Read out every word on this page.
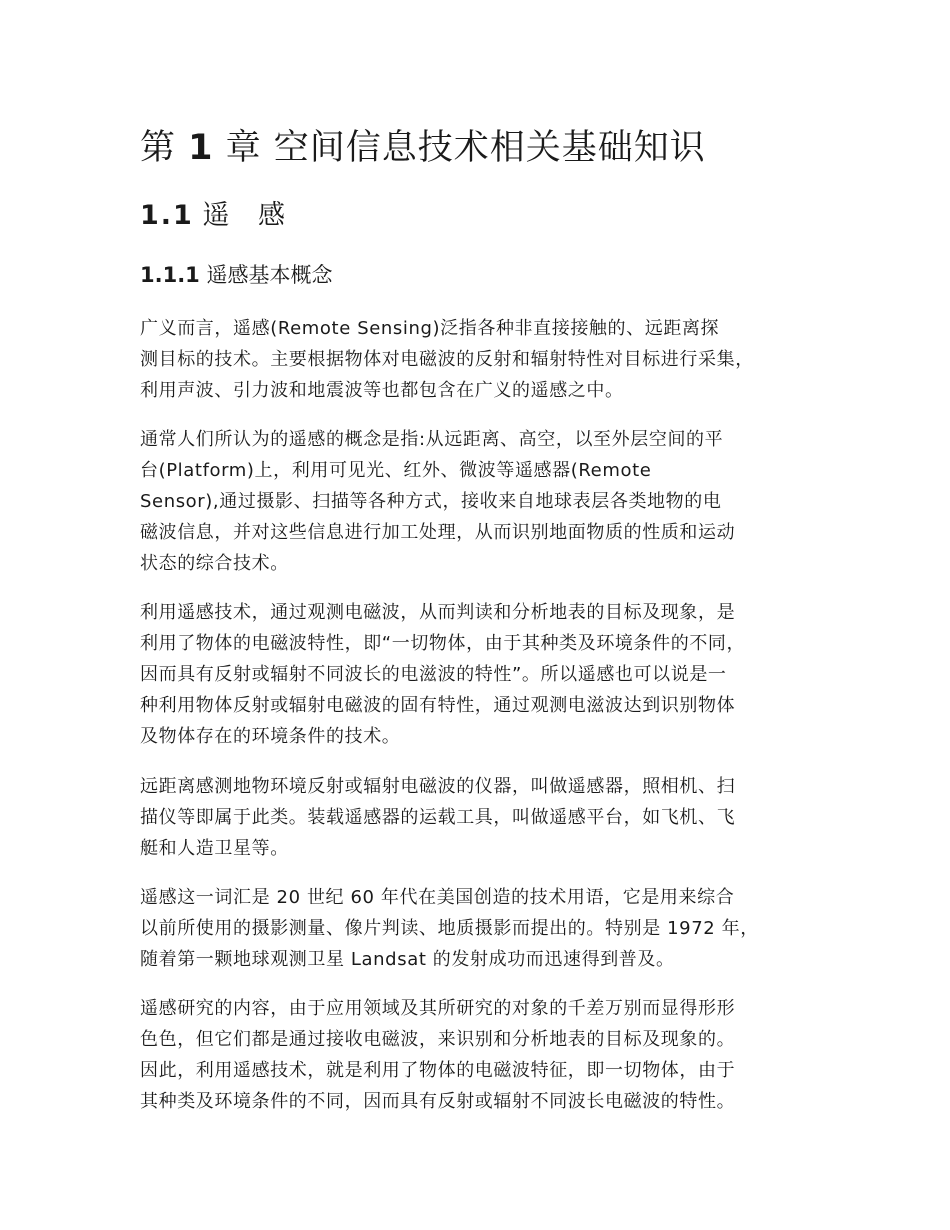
第 1 章 空间信息技术相关基础知识
1.1 遥 感
1.1.1 遥感基本概念

广义而言，遥感(Remote Sensing)泛指各种非直接接触的、远距离探
测目标的技术。主要根据物体对电磁波的反射和辐射特性对目标进行采集，
利用声波、引力波和地震波等也都包含在广义的遥感之中。

通常人们所认为的遥感的概念是指:从远距离、高空，以至外层空间的平
台(Platform)上，利用可见光、红外、微波等遥感器(Remote
Sensor),通过摄影、扫描等各种方式，接收来自地球表层各类地物的电
磁波信息，并对这些信息进行加工处理，从而识别地面物质的性质和运动
状态的综合技术。

利用遥感技术，通过观测电磁波，从而判读和分析地表的目标及现象，是
利用了物体的电磁波特性，即“一切物体，由于其种类及环境条件的不同，
因而具有反射或辐射不同波长的电滋波的特性”。所以遥感也可以说是一
种利用物体反射或辐射电磁波的固有特性，通过观测电滋波达到识别物体
及物体存在的环境条件的技术。

远距离感测地物环境反射或辐射电磁波的仪器，叫做遥感器，照相机、扫
描仪等即属于此类。装载遥感器的运载工具，叫做遥感平台，如飞机、飞
艇和人造卫星等。

遥感这一词汇是 20 世纪 60 年代在美国创造的技术用语，它是用来综合
以前所使用的摄影测量、像片判读、地质摄影而提出的。特别是 1972 年，
随着第一颗地球观测卫星 Landsat 的发射成功而迅速得到普及。

遥感研究的内容，由于应用领域及其所研究的对象的千差万别而显得形形
色色，但它们都是通过接收电磁波，来识别和分析地表的目标及现象的。
因此，利用遥感技术，就是利用了物体的电磁波特征，即一切物体，由于
其种类及环境条件的不同，因而具有反射或辐射不同波长电磁波的特性。
